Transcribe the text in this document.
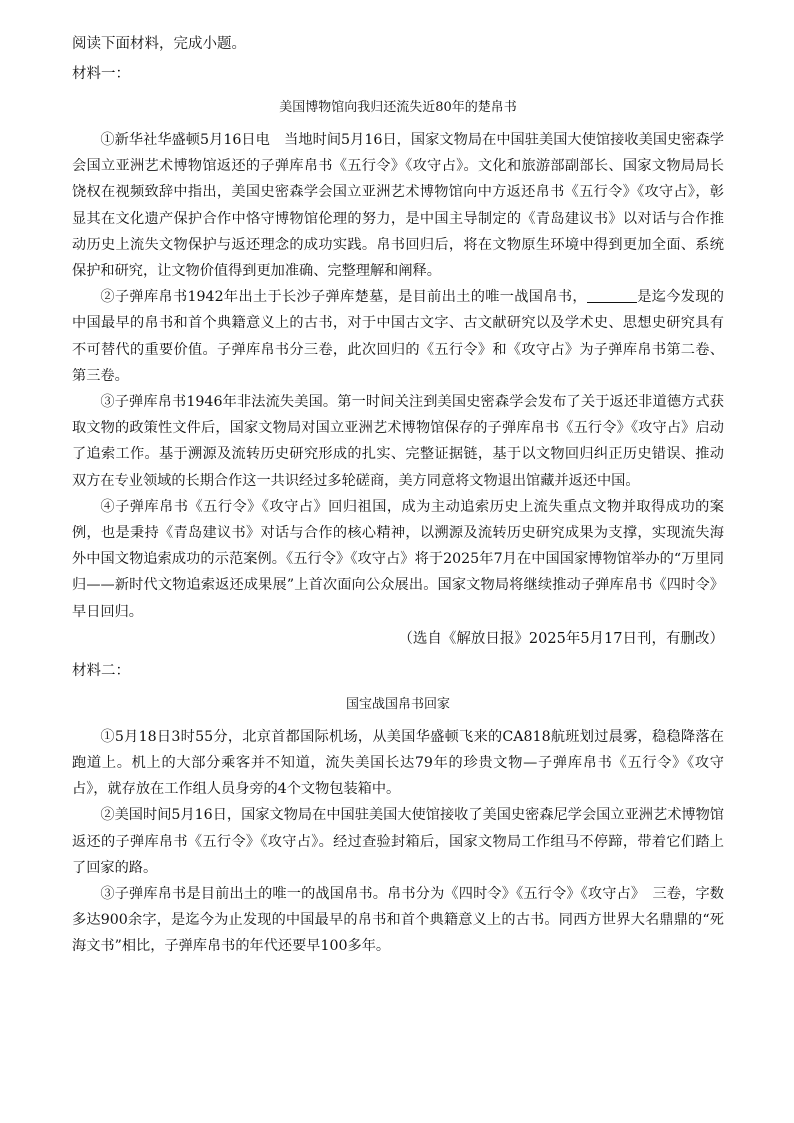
阅读下面材料，完成小题。
材料一：
美国博物馆向我归还流失近80年的楚帛书

①新华社华盛顿5月16日电　当地时间5月16日，国家文物局在中国驻美国大使馆接收美国史密森学会国立亚洲艺术博物馆返还的子弹库帛书《五行令》《攻守占》。文化和旅游部副部长、国家文物局局长饶权在视频致辞中指出，美国史密森学会国立亚洲艺术博物馆向中方返还帛书《五行令》《攻守占》，彰显其在文化遗产保护合作中恪守博物馆伦理的努力，是中国主导制定的《青岛建议书》以对话与合作推动历史上流失文物保护与返还理念的成功实践。帛书回归后，将在文物原生环境中得到更加全面、系统保护和研究，让文物价值得到更加准确、完整理解和阐释。

②子弹库帛书1942年出土于长沙子弹库楚墓，是目前出土的唯一战国帛书，	是迄今发现的中国最早的帛书和首个典籍意义上的古书，对于中国古文字、古文献研究以及学术史、思想史研究具有不可替代的重要价值。子弹库帛书分三卷，此次回归的《五行令》和《攻守占》为子弹库帛书第二卷、第三卷。

③子弹库帛书1946年非法流失美国。第一时间关注到美国史密森学会发布了关于返还非道德方式获取文物的政策性文件后，国家文物局对国立亚洲艺术博物馆保存的子弹库帛书《五行令》《攻守占》启动了追索工作。基于溯源及流转历史研究形成的扎实、完整证据链，基于以文物回归纠正历史错误、推动双方在专业领域的长期合作这一共识经过多轮磋商，美方同意将文物退出馆藏并返还中国。

④子弹库帛书《五行令》《攻守占》回归祖国，成为主动追索历史上流失重点文物并取得成功的案例，也是秉持《青岛建议书》对话与合作的核心精神，以溯源及流转历史研究成果为支撑，实现流失海外中国文物追索成功的示范案例。《五行令》《攻守占》将于2025年7月在中国国家博物馆举办的“万里同归——新时代文物追索返还成果展”上首次面向公众展出。国家文物局将继续推动子弹库帛书《四时令》早日回归。

（选自《解放日报》2025年5月17日刊，有删改）
材料二：
国宝战国帛书回家

①5月18日3时55分，北京首都国际机场，从美国华盛顿飞来的CA818航班划过晨雾，稳稳降落在跑道上。机上的大部分乘客并不知道，流失美国长达79年的珍贵文物—子弹库帛书《五行令》《攻守占》，就存放在工作组人员身旁的4个文物包装箱中。

②美国时间5月16日，国家文物局在中国驻美国大使馆接收了美国史密森尼学会国立亚洲艺术博物馆返还的子弹库帛书《五行令》《攻守占》。经过查验封箱后，国家文物局工作组马不停蹄，带着它们踏上了回家的路。

③子弹库帛书是目前出土的唯一的战国帛书。帛书分为《四时令》《五行令》《攻守占》　三卷，字数多达900余字，是迄今为止发现的中国最早的帛书和首个典籍意义上的古书。同西方世界大名鼎鼎的“死海文书”相比，子弹库帛书的年代还要早100多年。
